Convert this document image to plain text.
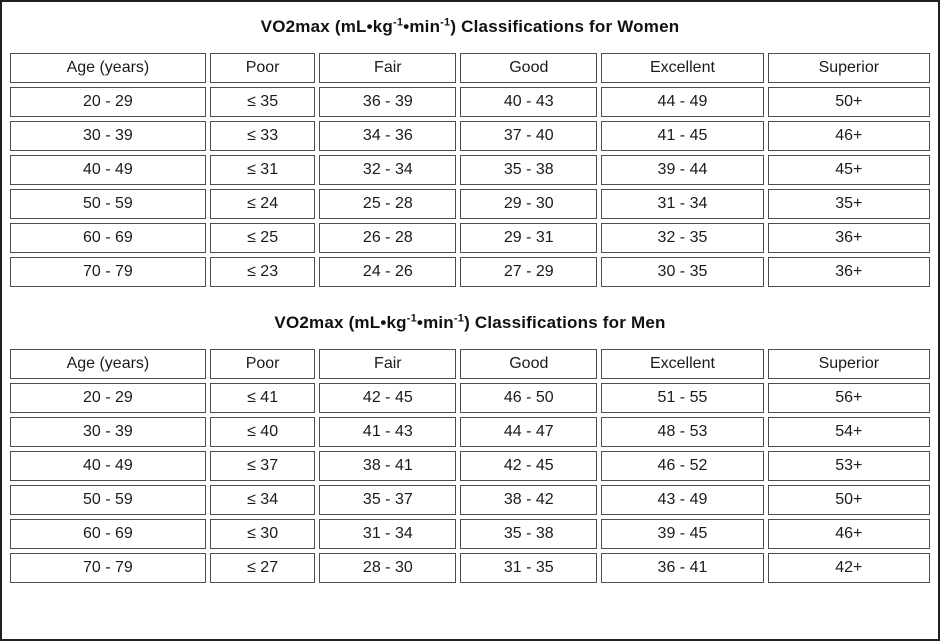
VO2max $(mL•kg^{-1}•\min^{-1})$ Classifications for Women
Age (years)	Poor	Fair	Good	Excellent	Superior
20 - 29	≤ 35	36 - 39	40 - 43	44 - 49	50+
30 - 39	≤ 33	34 - 36	37 - 40	41 - 45	46+
40 - 49	≤ 31	32 - 34	35 - 38	39 - 44	45+
50 - 59	≤ 24	25 - 28	29 - 30	31 - 34	35+
60 - 69	≤ 25	26 - 28	29 - 31	32 - 35	36+
70 - 79	≤ 23	24 - 26	27 - 29	30 - 35	36+
VO2max $(mL•kg^{-1}•\min^{-1})$ Classifications for Men
Age (years)	Poor	Fair	Good	Excellent	Superior
20 - 29	≤ 41	42 - 45	46 - 50	51 - 55	56+
30 - 39	≤ 40	41 - 43	44 - 47	48 - 53	54+
40 - 49	≤ 37	38 - 41	42 - 45	46 - 52	53+
50 - 59	≤ 34	35 - 37	38 - 42	43 - 49	50+
60 - 69	≤ 30	31 - 34	35 - 38	39 - 45	46+
70 - 79	≤ 27	28 - 30	31 - 35	36 - 41	42+
